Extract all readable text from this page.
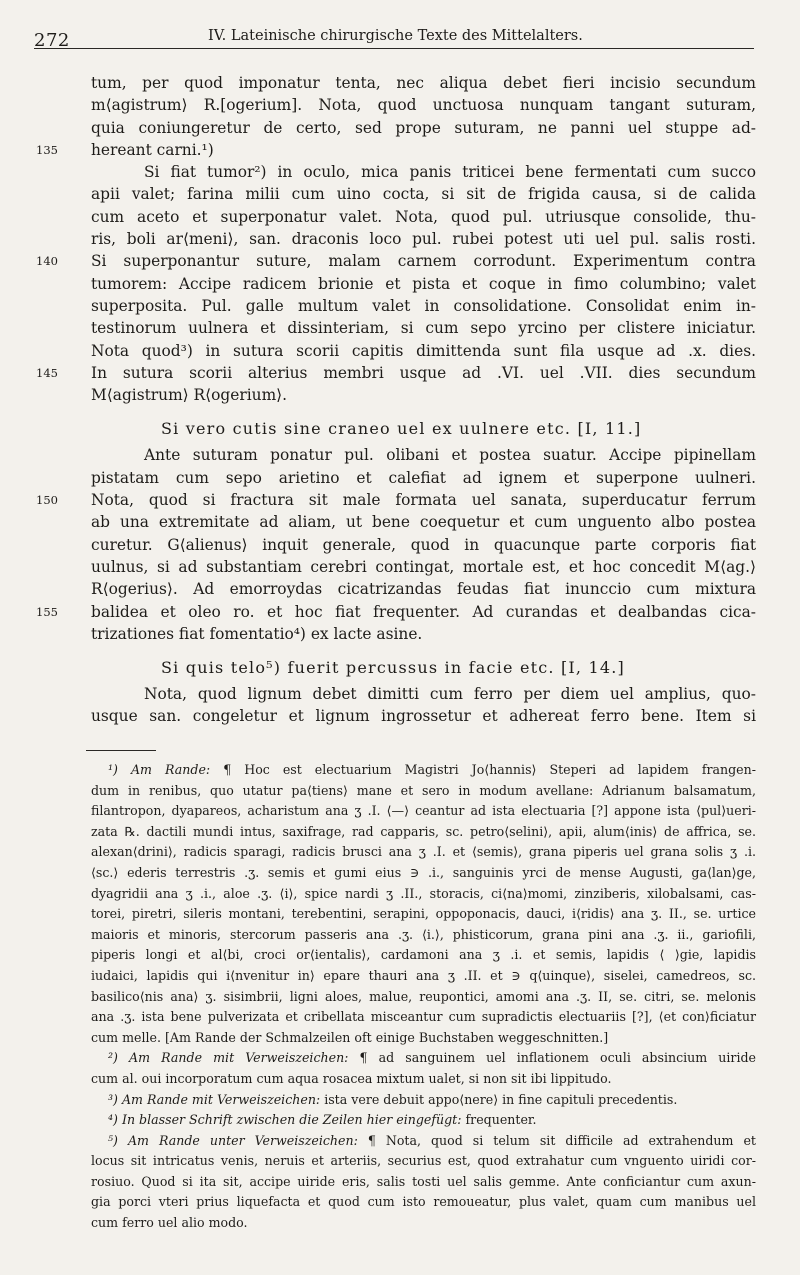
272	IV. Lateinische chirurgische Texte des Mittelalters.
tum, per quod imponatur tenta, nec aliqua debet fieri incisio secundum
m⟨agistrum⟩ R.[ogerium]. Nota, quod unctuosa nunquam tangant suturam,
quia coniungeretur de certo, sed prope suturam, ne panni uel stuppe ad-
135	hereant carni.¹)
Si fiat tumor²) in oculo, mica panis triticei bene fermentati cum succo
apii valet; farina milii cum uino cocta, si sit de frigida causa, si de calida
cum aceto et superponatur valet. Nota, quod pul. utriusque consolide, thu-
ris, boli ar⟨meni⟩, san. draconis loco pul. rubei potest uti uel pul. salis rosti.
140	Si superponantur suture, malam carnem corrodunt. Experimentum contra
tumorem: Accipe radicem brionie et pista et coque in fimo columbino; valet
superposita. Pul. galle multum valet in consolidatione. Consolidat enim in-
testinorum uulnera et dissinteriam, si cum sepo yrcino per clistere iniciatur.
Nota quod³) in sutura scorii capitis dimittenda sunt fila usque ad .x. dies.
145	In sutura scorii alterius membri usque ad .VI. uel .VII. dies secundum
M⟨agistrum⟩ R⟨ogerium⟩.
Si vero cutis sine craneo uel ex uulnere etc. [I, 11.]
Ante suturam ponatur pul. olibani et postea suatur. Accipe pipinellam
pistatam cum sepo arietino et calefiat ad ignem et superpone uulneri.
150	Nota, quod si fractura sit male formata uel sanata, superducatur ferrum
ab una extremitate ad aliam, ut bene coequetur et cum unguento albo postea
curetur. G⟨alienus⟩ inquit generale, quod in quacunque parte corporis fiat
uulnus, si ad substantiam cerebri contingat, mortale est, et hoc concedit M⟨ag.⟩
R⟨ogerius⟩. Ad emorroydas cicatrizandas feudas fiat inunccio cum mixtura
155	balidea et oleo ro. et hoc fiat frequenter. Ad curandas et dealbandas cica-
trizationes fiat fomentatio⁴) ex lacte asine.
Si quis telo⁵) fuerit percussus in facie etc. [I, 14.]
Nota, quod lignum debet dimitti cum ferro per diem uel amplius, quo-
usque san. congeletur et lignum ingrossetur et adhereat ferro bene. Item si
¹) Am Rande: ¶ Hoc est electuarium Magistri Jo⟨hannis⟩ Steperi ad lapidem frangen-
dum in renibus, quo utatur pa⟨tiens⟩ mane et sero in modum avellane: Adrianum balsamatum,
filantropon, dyapareos, acharistum ana ʒ .I. ⟨—⟩ ceantur ad ista electuaria [?] appone ista ⟨pul⟩ueri-
zata ℞. dactili mundi intus, saxifrage, rad capparis, sc. petro⟨selini⟩, apii, alum⟨inis⟩ de affrica, se.
alexan⟨drini⟩, radicis sparagi, radicis brusci ana ʒ .I. et ⟨semis⟩, grana piperis uel grana solis ʒ .i.
⟨sc.⟩ ederis terrestris .ʒ. semis et gumi eius ∋ .i., sanguinis yrci de mense Augusti, ga⟨lan⟩ge,
dyagridii ana ʒ .i., aloe .ʒ. ⟨i⟩, spice nardi ʒ .II., storacis, ci⟨na⟩momi, zinziberis, xilobalsami, cas-
torei, piretri, sileris montani, terebentini, serapini, oppoponacis, dauci, i⟨ridis⟩ ana ʒ. II., se. urtice
maioris et minoris, stercorum passeris ana .ʒ. ⟨i.⟩, phisticorum, grana pini ana .ʒ. ii., gariofili,
piperis longi et al⟨bi, croci or⟨ientalis⟩, cardamoni ana ʒ .i. et semis, lapidis ⟨ ⟩gie, lapidis
iudaici, lapidis qui i⟨nvenitur in⟩ epare thauri ana ʒ .II. et ∋ q⟨uinque⟩, siselei, camedreos, sc.
basilico⟨nis ana⟩ ʒ. sisimbrii, ligni aloes, malue, reupontici, amomi ana .ʒ. II, se. citri, se. melonis
ana .ʒ. ista bene pulverizata et cribellata misceantur cum supradictis electuariis [?], ⟨et con⟩ficiatur
cum melle. [Am Rande der Schmalzeilen oft einige Buchstaben weggeschnitten.]
²) Am Rande mit Verweiszeichen: ¶ ad sanguinem uel inflationem oculi absincium uiride
cum al. oui incorporatum cum aqua rosacea mixtum ualet, si non sit ibi lippitudo.
³) Am Rande mit Verweiszeichen: ista vere debuit appo⟨nere⟩ in fine capituli precedentis.
⁴) In blasser Schrift zwischen die Zeilen hier eingefügt: frequenter.
⁵) Am Rande unter Verweiszeichen: ¶ Nota, quod si telum sit difficile ad extrahendum et
locus sit intricatus venis, neruis et arteriis, securius est, quod extrahatur cum vnguento uiridi cor-
rosiuo. Quod si ita sit, accipe uiride eris, salis tosti uel salis gemme. Ante conficiantur cum axun-
gia porci vteri prius liquefacta et quod cum isto remoueatur, plus valet, quam cum manibus uel
cum ferro uel alio modo.
